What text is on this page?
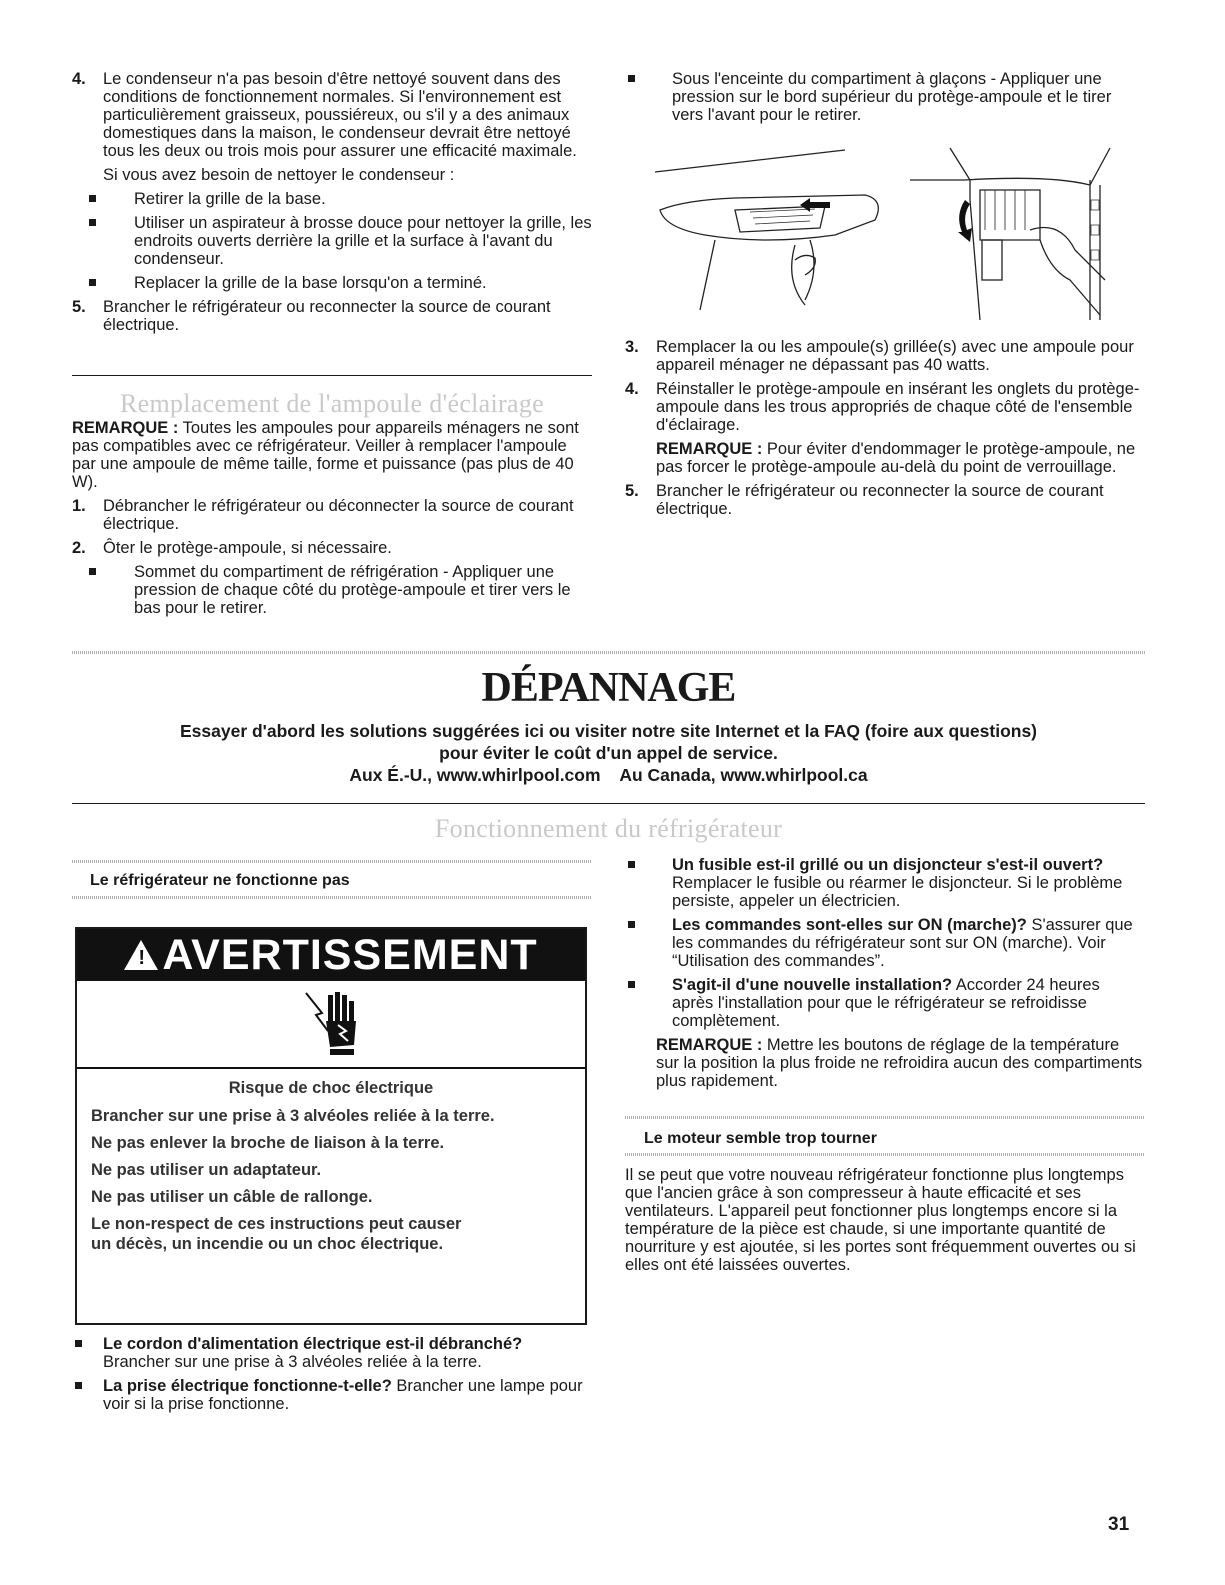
4. Le condenseur n'a pas besoin d'être nettoyé souvent dans des conditions de fonctionnement normales. Si l'environnement est particulièrement graisseux, poussiéreux, ou s'il y a des animaux domestiques dans la maison, le condenseur devrait être nettoyé tous les deux ou trois mois pour assurer une efficacité maximale.

Si vous avez besoin de nettoyer le condenseur :

Retirer la grille de la base.
Utiliser un aspirateur à brosse douce pour nettoyer la grille, les endroits ouverts derrière la grille et la surface à l'avant du condenseur.
Replacer la grille de la base lorsqu'on a terminé.
5. Brancher le réfrigérateur ou reconnecter la source de courant électrique.

Remplacement de l'ampoule d'éclairage

REMARQUE : Toutes les ampoules pour appareils ménagers ne sont pas compatibles avec ce réfrigérateur. Veiller à remplacer l'ampoule par une ampoule de même taille, forme et puissance (pas plus de 40 W).

1. Débrancher le réfrigérateur ou déconnecter la source de courant électrique.

2. Ôter le protège-ampoule, si nécessaire.

Sommet du compartiment de réfrigération - Appliquer une pression de chaque côté du protège-ampoule et tirer vers le bas pour le retirer.
Sous l'enceinte du compartiment à glaçons - Appliquer une pression sur le bord supérieur du protège-ampoule et le tirer vers l'avant pour le retirer.
3. Remplacer la ou les ampoule(s) grillée(s) avec une ampoule pour appareil ménager ne dépassant pas 40 watts.

4. Réinstaller le protège-ampoule en insérant les onglets du protège-ampoule dans les trous appropriés de chaque côté de l'ensemble d'éclairage.

REMARQUE : Pour éviter d'endommager le protège-ampoule, ne pas forcer le protège-ampoule au-delà du point de verrouillage.

5. Brancher le réfrigérateur ou reconnecter la source de courant électrique.

DÉPANNAGE
Essayer d'abord les solutions suggérées ici ou visiter notre site Internet et la FAQ (foire aux questions)
pour éviter le coût d'un appel de service.
Aux É.-U., www.whirlpool.com    Au Canada, www.whirlpool.ca
Fonctionnement du réfrigérateur
Le réfrigérateur ne fonctionne pas
! AVERTISSEMENT
Risque de choc électrique
Brancher sur une prise à 3 alvéoles reliée à la terre.
Ne pas enlever la broche de liaison à la terre.
Ne pas utiliser un adaptateur.
Ne pas utiliser un câble de rallonge.
Le non-respect de ces instructions peut causer
un décès, un incendie ou un choc électrique.
Le cordon d'alimentation électrique est-il débranché?
Brancher sur une prise à 3 alvéoles reliée à la terre.
La prise électrique fonctionne-t-elle? Brancher une lampe pour voir si la prise fonctionne.
Un fusible est-il grillé ou un disjoncteur s'est-il ouvert?
Remplacer le fusible ou réarmer le disjoncteur. Si le problème persiste, appeler un électricien.
Les commandes sont-elles sur ON (marche)? S'assurer que les commandes du réfrigérateur sont sur ON (marche). Voir “Utilisation des commandes”.
S'agit-il d'une nouvelle installation? Accorder 24 heures après l'installation pour que le réfrigérateur se refroidisse complètement.

REMARQUE : Mettre les boutons de réglage de la température sur la position la plus froide ne refroidira aucun des compartiments plus rapidement.

Le moteur semble trop tourner

Il se peut que votre nouveau réfrigérateur fonctionne plus longtemps que l'ancien grâce à son compresseur à haute efficacité et ses ventilateurs. L'appareil peut fonctionner plus longtemps encore si la température de la pièce est chaude, si une importante quantité de nourriture y est ajoutée, si les portes sont fréquemment ouvertes ou si elles ont été laissées ouvertes.

31
